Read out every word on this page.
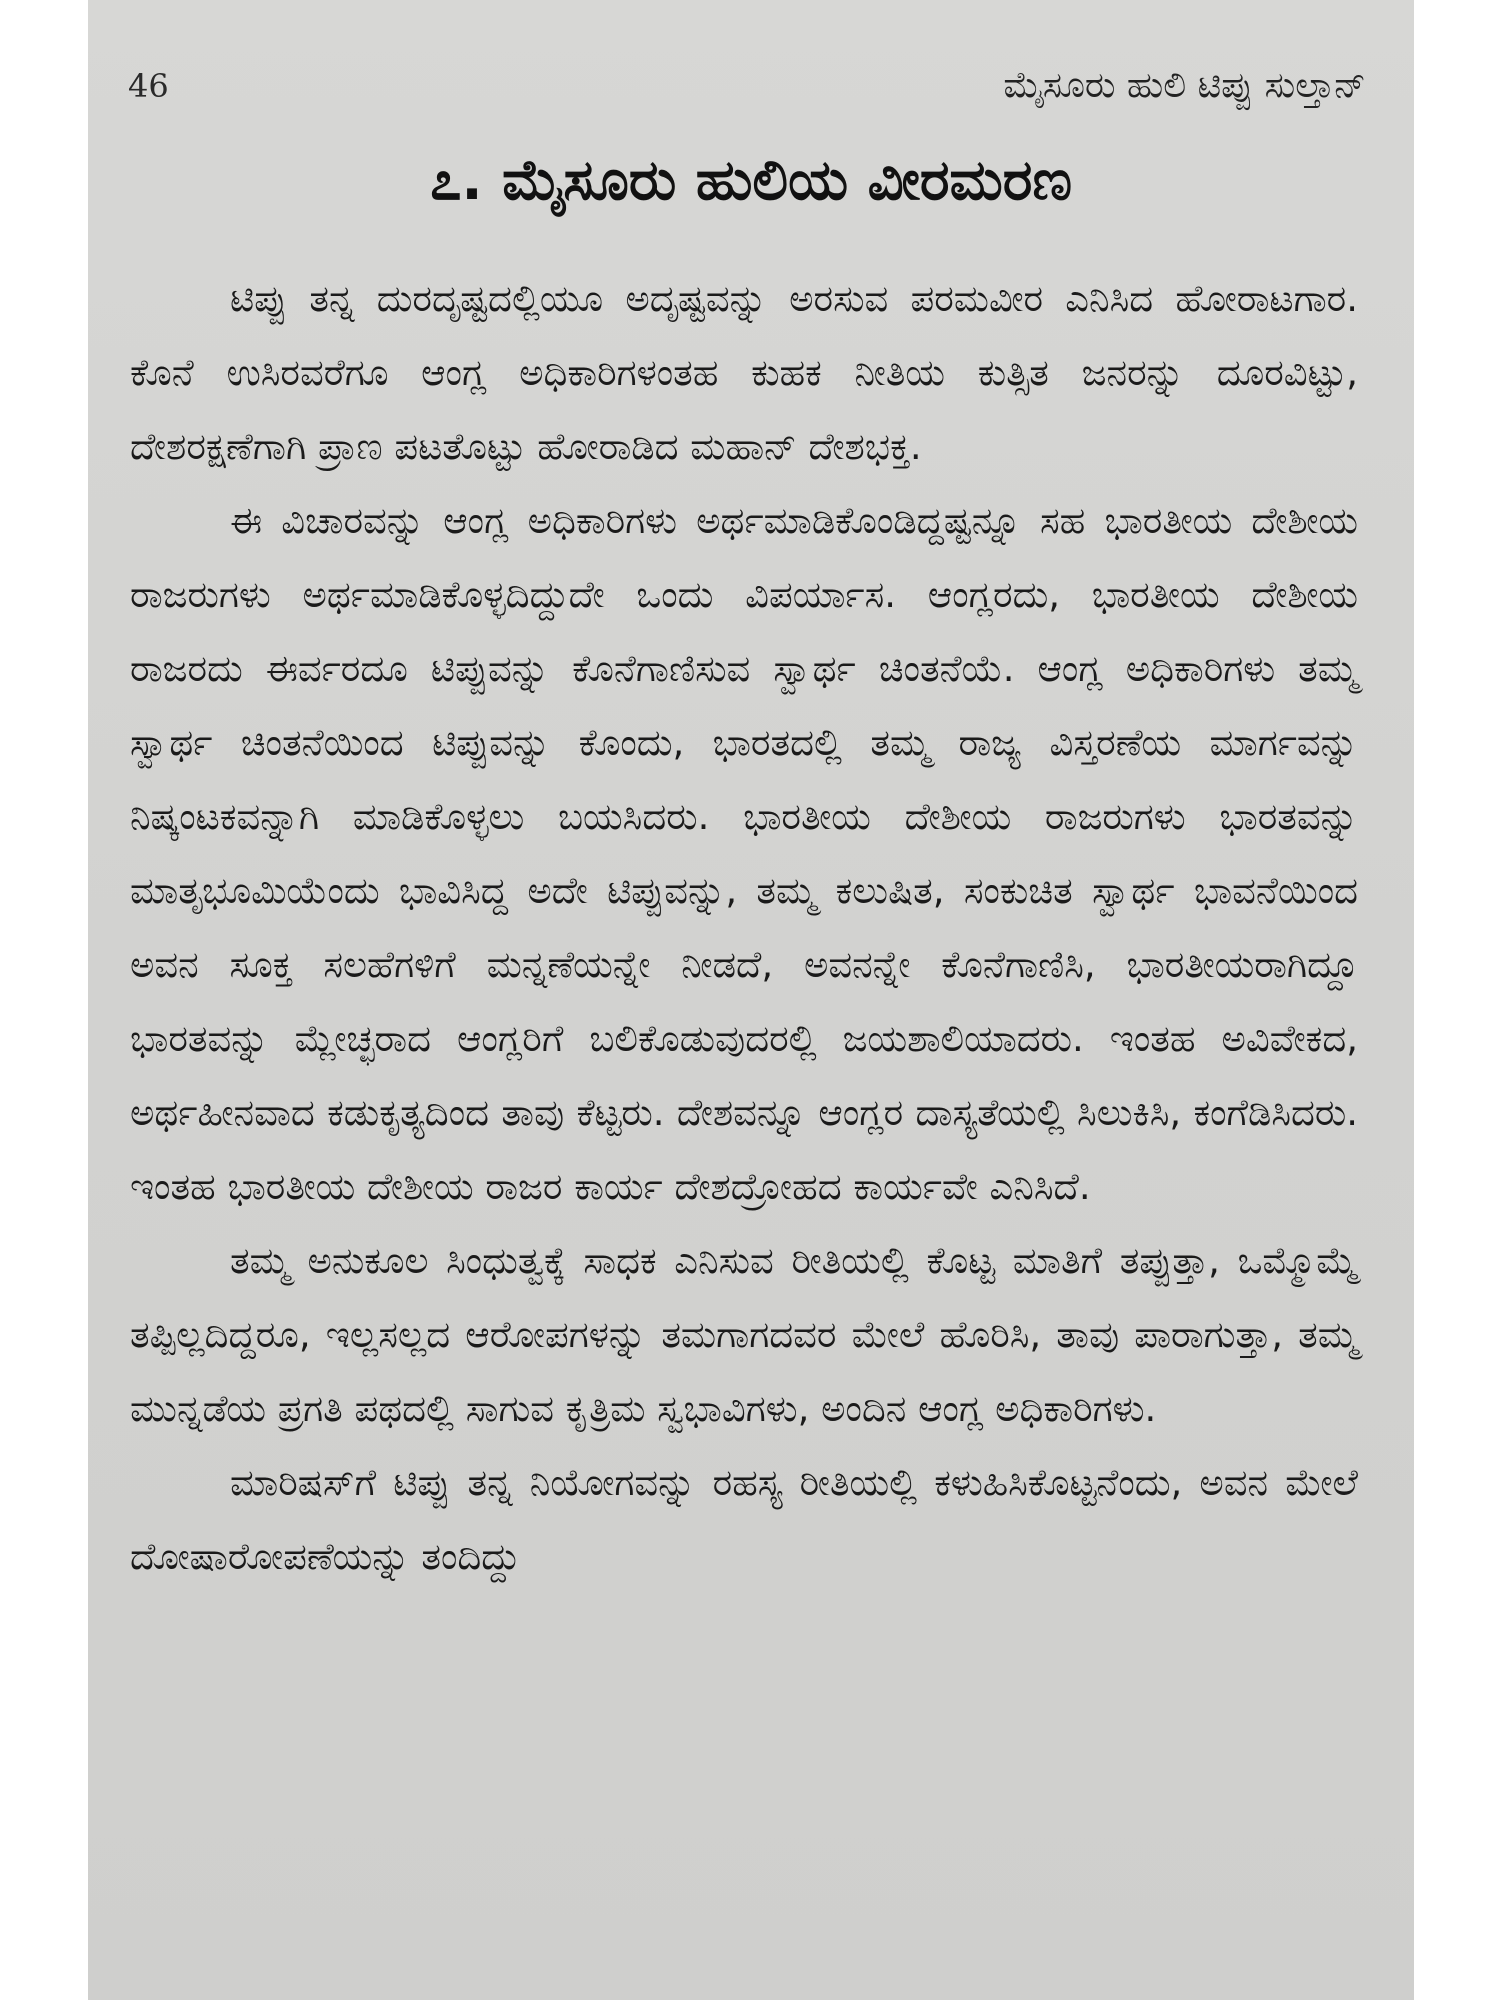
46	ಮೈಸೂರು ಹುಲಿ ಟಿಪ್ಪು ಸುಲ್ತಾನ್
೭. ಮೈಸೂರು ಹುಲಿಯ ವೀರಮರಣ

ಟಿಪ್ಪು ತನ್ನ ದುರದೃಷ್ಟದಲ್ಲಿಯೂ ಅದೃಷ್ಟವನ್ನು ಅರಸುವ ಪರಮವೀರ ಎನಿಸಿದ ಹೋರಾಟಗಾರ. ಕೊನೆ ಉಸಿರವರೆಗೂ ಆಂಗ್ಲ ಅಧಿಕಾರಿಗಳಂತಹ ಕುಹಕ ನೀತಿಯ ಕುತ್ಸಿತ ಜನರನ್ನು ದೂರವಿಟ್ಟು, ದೇಶರಕ್ಷಣೆಗಾಗಿ ಪ್ರಾಣ ಪಟತೊಟ್ಟು ಹೋರಾಡಿದ ಮಹಾನ್ ದೇಶಭಕ್ತ.

ಈ ವಿಚಾರವನ್ನು ಆಂಗ್ಲ ಅಧಿಕಾರಿಗಳು ಅರ್ಥಮಾಡಿಕೊಂಡಿದ್ದಷ್ಟನ್ನೂ ಸಹ ಭಾರತೀಯ ದೇಶೀಯ ರಾಜರುಗಳು ಅರ್ಥಮಾಡಿಕೊಳ್ಳದಿದ್ದುದೇ ಒಂದು ವಿಪರ್ಯಾಸ. ಆಂಗ್ಲರದು, ಭಾರತೀಯ ದೇಶೀಯ ರಾಜರದು ಈರ್ವರದೂ ಟಿಪ್ಪುವನ್ನು ಕೊನೆಗಾಣಿಸುವ ಸ್ವಾರ್ಥ ಚಿಂತನೆಯೆ. ಆಂಗ್ಲ ಅಧಿಕಾರಿಗಳು ತಮ್ಮ ಸ್ವಾರ್ಥ ಚಿಂತನೆಯಿಂದ ಟಿಪ್ಪುವನ್ನು ಕೊಂದು, ಭಾರತದಲ್ಲಿ ತಮ್ಮ ರಾಜ್ಯ ವಿಸ್ತರಣೆಯ ಮಾರ್ಗವನ್ನು ನಿಷ್ಕಂಟಕವನ್ನಾಗಿ ಮಾಡಿಕೊಳ್ಳಲು ಬಯಸಿದರು. ಭಾರತೀಯ ದೇಶೀಯ ರಾಜರುಗಳು ಭಾರತವನ್ನು ಮಾತೃಭೂಮಿಯೆಂದು ಭಾವಿಸಿದ್ದ ಅದೇ ಟಿಪ್ಪುವನ್ನು, ತಮ್ಮ ಕಲುಷಿತ, ಸಂಕುಚಿತ ಸ್ವಾರ್ಥ ಭಾವನೆಯಿಂದ ಅವನ ಸೂಕ್ತ ಸಲಹೆಗಳಿಗೆ ಮನ್ನಣೆಯನ್ನೇ ನೀಡದೆ, ಅವನನ್ನೇ ಕೊನೆಗಾಣಿಸಿ, ಭಾರತೀಯರಾಗಿದ್ದೂ ಭಾರತವನ್ನು ಮ್ಲೇಚ್ಛರಾದ ಆಂಗ್ಲರಿಗೆ ಬಲಿಕೊಡುವುದರಲ್ಲಿ ಜಯಶಾಲಿಯಾದರು. ಇಂತಹ ಅವಿವೇಕದ, ಅರ್ಥಹೀನವಾದ ಕಡುಕೃತ್ಯದಿಂದ ತಾವು ಕೆಟ್ಟರು. ದೇಶವನ್ನೂ ಆಂಗ್ಲರ ದಾಸ್ಯತೆಯಲ್ಲಿ ಸಿಲುಕಿಸಿ, ಕಂಗೆಡಿಸಿದರು. ಇಂತಹ ಭಾರತೀಯ ದೇಶೀಯ ರಾಜರ ಕಾರ್ಯ ದೇಶದ್ರೋಹದ ಕಾರ್ಯವೇ ಎನಿಸಿದೆ.

ತಮ್ಮ ಅನುಕೂಲ ಸಿಂಧುತ್ವಕ್ಕೆ ಸಾಧಕ ಎನಿಸುವ ರೀತಿಯಲ್ಲಿ ಕೊಟ್ಟ ಮಾತಿಗೆ ತಪ್ಪುತ್ತಾ, ಒಮ್ಮೊಮ್ಮೆ ತಪ್ಪಿಲ್ಲದಿದ್ದರೂ, ಇಲ್ಲಸಲ್ಲದ ಆರೋಪಗಳನ್ನು ತಮಗಾಗದವರ ಮೇಲೆ ಹೊರಿಸಿ, ತಾವು ಪಾರಾಗುತ್ತಾ, ತಮ್ಮ ಮುನ್ನಡೆಯ ಪ್ರಗತಿ ಪಥದಲ್ಲಿ ಸಾಗುವ ಕೃತ್ರಿಮ ಸ್ವಭಾವಿಗಳು, ಅಂದಿನ ಆಂಗ್ಲ ಅಧಿಕಾರಿಗಳು.

ಮಾರಿಷಸ್‌ಗೆ ಟಿಪ್ಪು ತನ್ನ ನಿಯೋಗವನ್ನು ರಹಸ್ಯ ರೀತಿಯಲ್ಲಿ ಕಳುಹಿಸಿಕೊಟ್ಟನೆಂದು, ಅವನ ಮೇಲೆ ದೋಷಾರೋಪಣೆಯನ್ನು ತಂದಿದ್ದು
